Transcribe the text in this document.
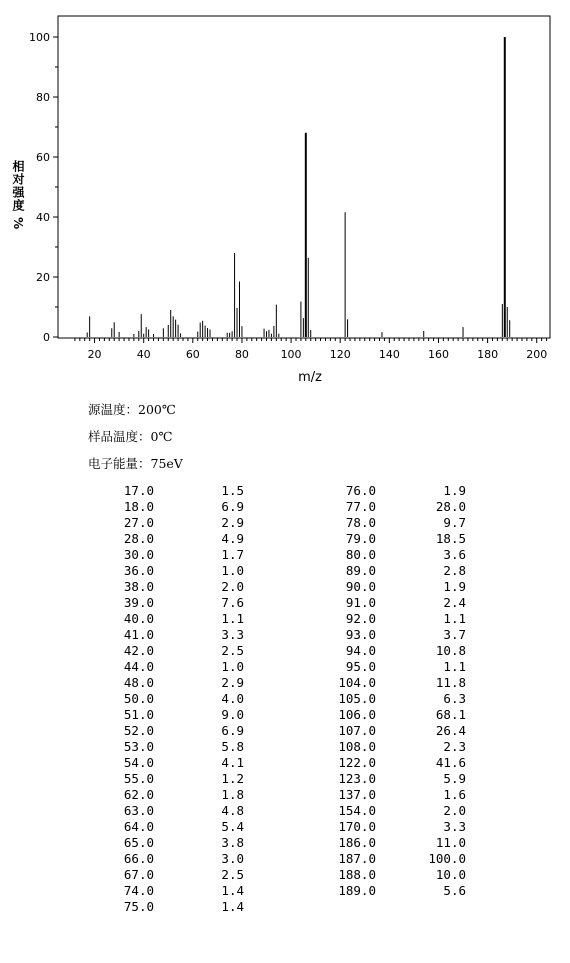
20	40	60	80	100	120	140	160	180	200
0
20
40
60
80
100
相对强度 %
m/z
源温度：200℃
样品温度：0℃
电子能量：75eV
17.0	1.5
18.0	6.9
27.0	2.9
28.0	4.9
30.0	1.7
36.0	1.0
38.0	2.0
39.0	7.6
40.0	1.1
41.0	3.3
42.0	2.5
44.0	1.0
48.0	2.9
50.0	4.0
51.0	9.0
52.0	6.9
53.0	5.8
54.0	4.1
55.0	1.2
62.0	1.8
63.0	4.8
64.0	5.4
65.0	3.8
66.0	3.0
67.0	2.5
74.0	1.4
75.0	1.4
76.0	1.9
77.0	28.0
78.0	9.7
79.0	18.5
80.0	3.6
89.0	2.8
90.0	1.9
91.0	2.4
92.0	1.1
93.0	3.7
94.0	10.8
95.0	1.1
104.0	11.8
105.0	6.3
106.0	68.1
107.0	26.4
108.0	2.3
122.0	41.6
123.0	5.9
137.0	1.6
154.0	2.0
170.0	3.3
186.0	11.0
187.0	100.0
188.0	10.0
189.0	5.6
